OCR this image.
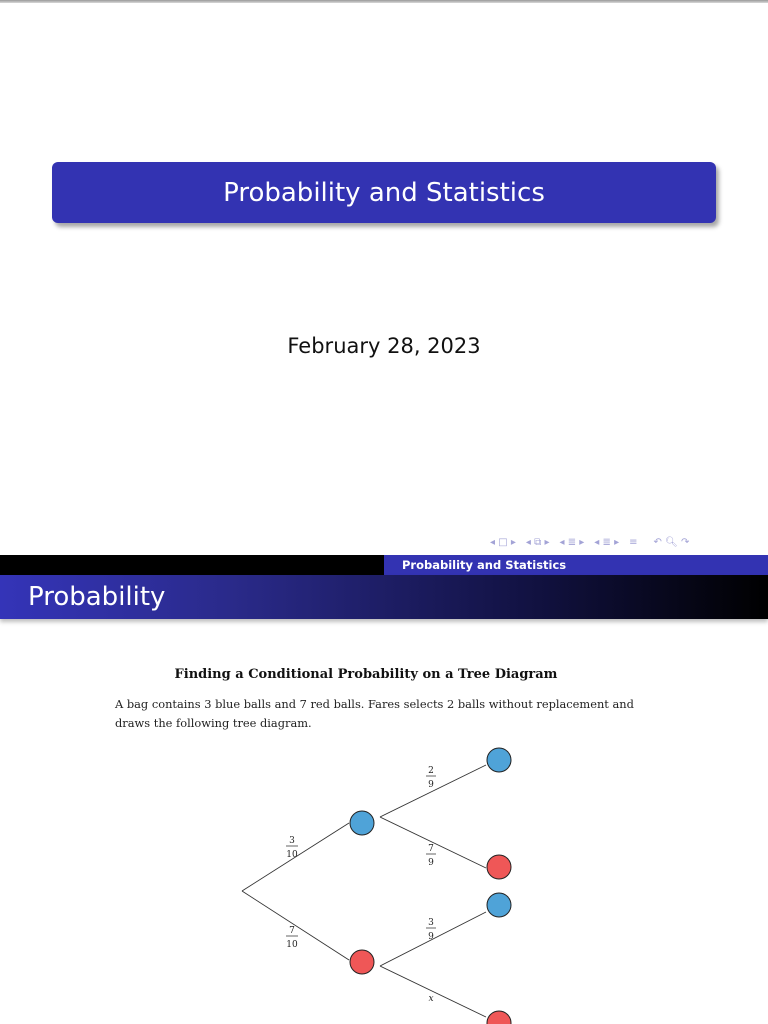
Probability and Statistics
February 28, 2023
◂ □ ▸ ◂ ⧉ ▸ ◂ ≣ ▸ ◂ ≣ ▸ ≡ ↶ 🔍︎ ↷
Probability and Statistics
Probability
Finding a Conditional Probability on a Tree Diagram
A bag contains 3 blue balls and 7 red balls. Fares selects 2 balls without replacement and draws the following tree diagram.
3
10
7
10
2
9
7
9
3
9
x
